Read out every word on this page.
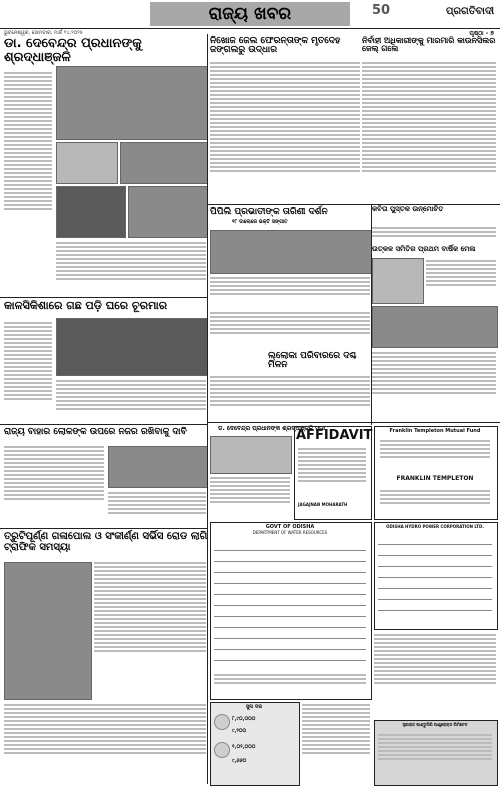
50
ରାଜ୍ୟ ଖବର	ପ୍ରଗତିବାଦୀ
ଭୁବନେଶ୍ୱର, ସୋମବାର, ମାର୍ଚ୍ଚ ୨୪,୨୦୨୫	ପୃଷ୍ଠା - ୭
ଡା. ଦେବେନ୍ଦ୍ର ପ୍ରଧାନଙ୍କୁ ଶ୍ରଦ୍ଧାଞ୍ଜଳି
ନିଖୋଜ ଜେଲ ଫେରନ୍ତାଙ୍କ ମୃତଦେହ ଜଙ୍ଗଲରୁ ଉଦ୍ଧାର
ନିର୍ବାହୀ ଅଧିକାରୀଙ୍କୁ ମାରମାରି କାଉନସିଲର ଜେଲ୍ ଗଲେ
ପିପିଲି ପ୍ରଭାତୀଙ୍କ ତାରିଣୀ ଦର୍ଶନ
୧୮ ଡାଲୋରେ ଭକ୍ତି ସଙ୍ଗୀତ
କବିତା ପୁସ୍ତକ ଉନ୍ମୋଚିତ
ଉତ୍କଳ ସମିତିର ପ୍ରଥମ ବାର୍ଷିକ ମେଳା
କାଳସିକିଶାରେ ଗଛ ପଡ଼ି ଘରେ ଚୂରମାର
ଲ୍ଲୋକା ପରିବାରରେ ଦଶ୍ଚ ମିଳନ
ଡ. ଦେବେନ୍ଦ୍ର ପ୍ରଧାନଙ୍କ ଶ୍ରଦ୍ଧାଞ୍ଜଳି ସଭା
AFFIDAVIT
JAGAJNAN MOHARATH
Franklin Templeton Mutual Fund
FRANKLIN TEMPLETON
ରାଜ୍ୟ ବାହାର ଲୋକଙ୍କ ଉପରେ ନଜର ରଖିବାକୁ ଦାବି
GOVT OF ODISHA
DEPARTMENT OF WATER RESOURCES
ODISHA HYDRO POWER CORPORATION LTD.
ତ୍ରୁଟିପୂର୍ଣ୍ଣ ଗଳାପୋଲ ଓ ସଂକୀର୍ଣ୍ଣ ସର୍ଭିସ ରୋଡ ଲାଗି ଟ୍ରାଫିକ ସମସ୍ୟା
ସୁନା ଦର
୮,୯୦,୦୦୦
୯,୨୦୦
୧,୦୨,୦୦୦
୯,୬୬୦
ସ୍ତ୍ରୀରାଜ ପାଣ୍ଡୁଲିପି ଆଣ୍ଡ୍ରୋଚାସ ଲିମିଟେଡ
